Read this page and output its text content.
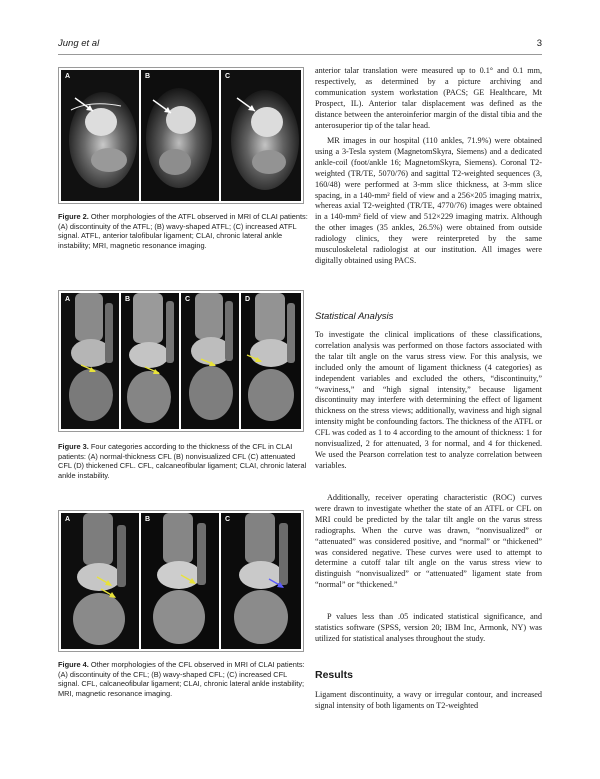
Jung et al	3
A	B	C
Figure 2. Other morphologies of the ATFL observed in MRI of CLAI patients: (A) discontinuity of the ATFL; (B) wavy-shaped ATFL; (C) increased ATFL signal. ATFL, anterior talofibular ligament; CLAI, chronic lateral ankle instability; MRI, magnetic resonance imaging.
A	B	C	D
Figure 3. Four categories according to the thickness of the CFL in CLAI patients: (A) normal-thickness CFL (B) nonvisualized CFL (C) attenuated CFL (D) thickened CFL. CFL, calcaneofibular ligament; CLAI, chronic lateral ankle instability.
A	B	C
Figure 4. Other morphologies of the CFL observed in MRI of CLAI patients: (A) discontinuity of the CFL; (B) wavy-shaped CFL; (C) increased CFL signal. CFL, calcaneofibular ligament; CLAI, chronic lateral ankle instability; MRI, magnetic resonance imaging.

anterior talar translation were measured up to 0.1° and 0.1 mm, respectively, as determined by a picture archiving and communication system workstation (PACS; GE Healthcare, Mt Prospect, IL). Anterior talar displacement was defined as the distance between the anteroinferior margin of the distal tibia and the anterosuperior tip of the talar head.

MR images in our hospital (110 ankles, 71.9%) were obtained using a 3-Tesla system (MagnetomSkyra, Siemens) and a dedicated ankle-coil (foot/ankle 16; MagnetomSkyra, Siemens). Coronal T2-weighted (TR/TE, 5070/76) and sagittal T2-weighted sequences (3, 160/48) were performed at 3-mm slice thickness, at 3-mm slice spacing, in a 140-mm² field of view and a 256×205 imaging matrix, whereas axial T2-weighted (TR/TE, 4770/76) images were obtained in a 140-mm² field of view and 512×229 imaging matrix. Although the other images (35 ankles, 26.5%) were obtained from outside radiology clinics, they were reinterpreted by the same musculoskeletal radiologist at our institution. All images were digitally obtained using PACS.

Statistical Analysis

To investigate the clinical implications of these classifications, correlation analysis was performed on those factors associated with the talar tilt angle on the varus stress view. For this analysis, we included only the amount of ligament thickness (4 categories) as independent variables and excluded the others, “discontinuity,” “waviness,” and “high signal intensity,” because ligament discontinuity may interfere with determining the effect of ligament thickness on the stress views; additionally, waviness and high signal intensity might be confounding factors. The thickness of the ATFL or CFL was coded as 1 to 4 according to the amount of thickness: 1 for nonvisualized, 2 for attenuated, 3 for normal, and 4 for thickened. We used the Pearson correlation test to analyze correlation between variables.

Additionally, receiver operating characteristic (ROC) curves were drawn to investigate whether the state of an ATFL or CFL on MRI could be predicted by the talar tilt angle on the varus stress radiographs. When the curve was drawn, “nonvisualized” or “attenuated” was considered positive, and “normal” or “thickened” was considered negative. These curves were used to attempt to determine a cutoff talar tilt angle on the varus stress view to distinguish “nonvisualized” or “attenuated” ligament state from “normal” or “thickened.”

P values less than .05 indicated statistical significance, and statistics software (SPSS, version 20; IBM Inc, Armonk, NY) was utilized for statistical analyses throughout the study.

Results

Ligament discontinuity, a wavy or irregular contour, and increased signal intensity of both ligaments on T2-weighted
